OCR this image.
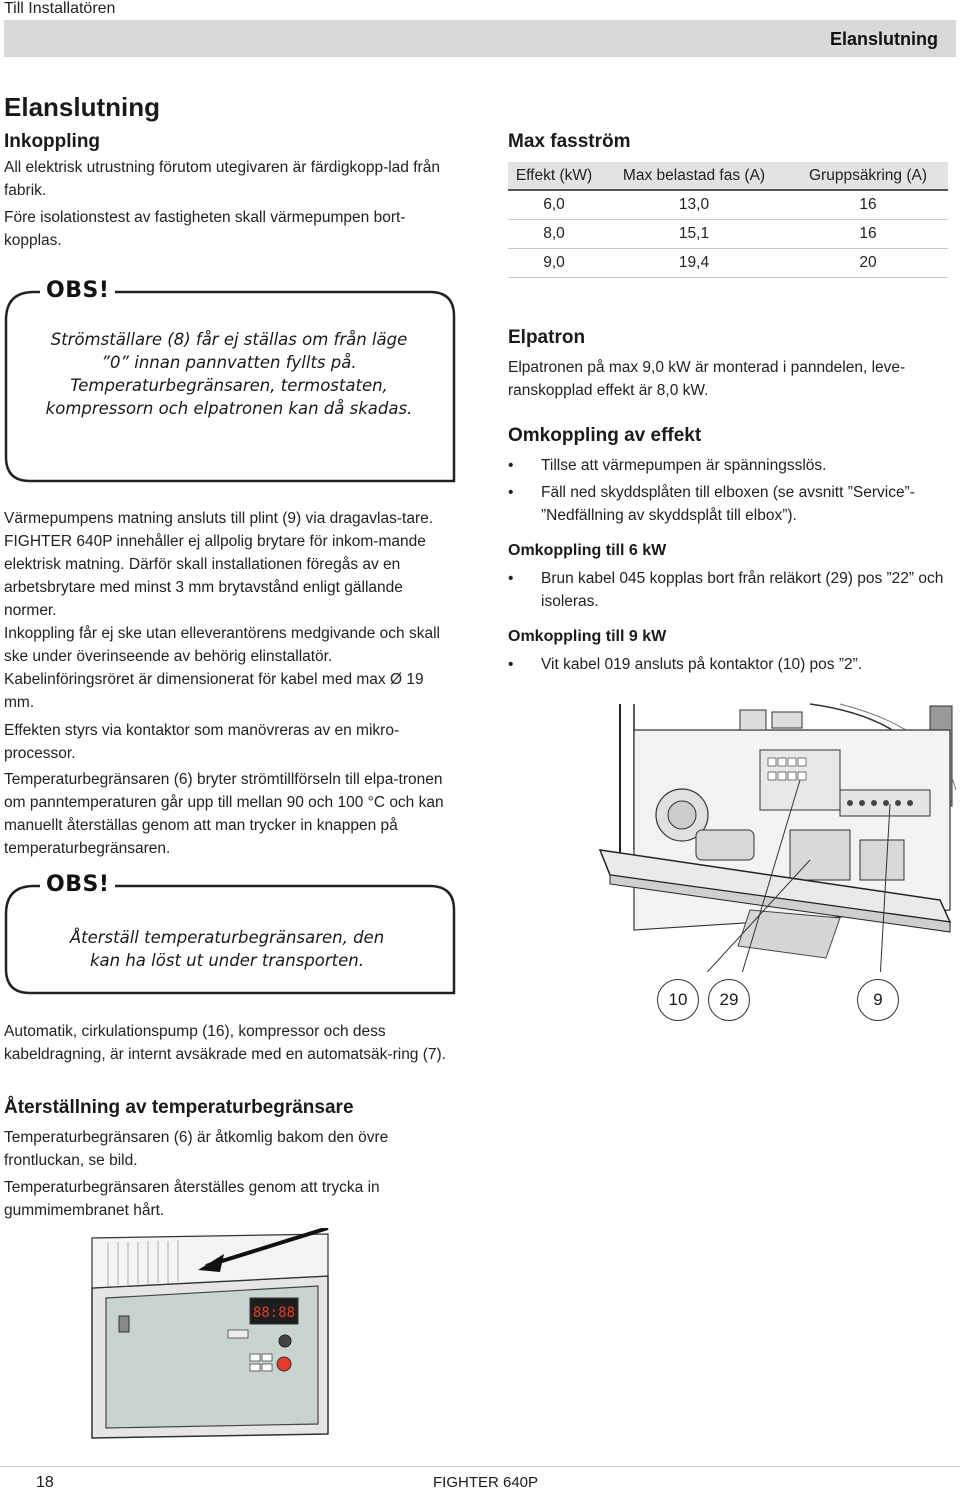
Till Installatören
Elanslutning
Elanslutning
Inkoppling

All elektrisk utrustning förutom utegivaren är färdigkopp-lad från fabrik.

Före isolationstest av fastigheten skall värmepumpen bort-kopplas.

OBS!
Strömställare (8) får ej ställas om från läge ”0” innan pannvatten fyllts på. Temperaturbegränsaren, termostaten, kompressorn och elpatronen kan då skadas.

Värmepumpens matning ansluts till plint (9) via dragavlas-tare. FIGHTER 640P innehåller ej allpolig brytare för inkom-mande elektrisk matning. Därför skall installationen föregås av en arbetsbrytare med minst 3 mm brytavstånd enligt gällande normer.

Inkoppling får ej ske utan elleverantörens medgivande och skall ske under överinseende av behörig elinstallatör. Kabelinföringsröret är dimensionerat för kabel med max Ø 19 mm.

Effekten styrs via kontaktor som manövreras av en mikro-processor.

Temperaturbegränsaren (6) bryter strömtillförseln till elpa-tronen om panntemperaturen går upp till mellan 90 och 100 °C och kan manuellt återställas genom att man trycker in knappen på temperaturbegränsaren.

OBS!
Återställ temperaturbegränsaren, den kan ha löst ut under transporten.

Automatik, cirkulationspump (16), kompressor och dess kabeldragning, är internt avsäkrade med en automatsäk-ring (7).

Återställning av temperaturbegränsare

Temperaturbegränsaren (6) är åtkomlig bakom den övre frontluckan, se bild.

Temperaturbegränsaren återställes genom att trycka in gummimembranet hårt.

88:88
Max fasström
Effekt (kW)	Max belastad fas (A)	Gruppsäkring (A)
6,0	13,0	16
8,0	15,1	16
9,0	19,4	20
Elpatron

Elpatronen på max 9,0 kW är monterad i panndelen, leve-ranskopplad effekt är 8,0 kW.

Omkoppling av effekt
• Tillse att värmepumpen är spänningsslös.
• Fäll ned skyddsplåten till elboxen (se avsnitt ”Service”- ”Nedfällning av skyddsplåt till elbox”).
Omkoppling till 6 kW
• Brun kabel 045 kopplas bort från reläkort (29) pos ”22” och isoleras.
Omkoppling till 9 kW
• Vit kabel 019 ansluts på kontaktor (10) pos ”2”.
10	29	9
18	FIGHTER 640P
